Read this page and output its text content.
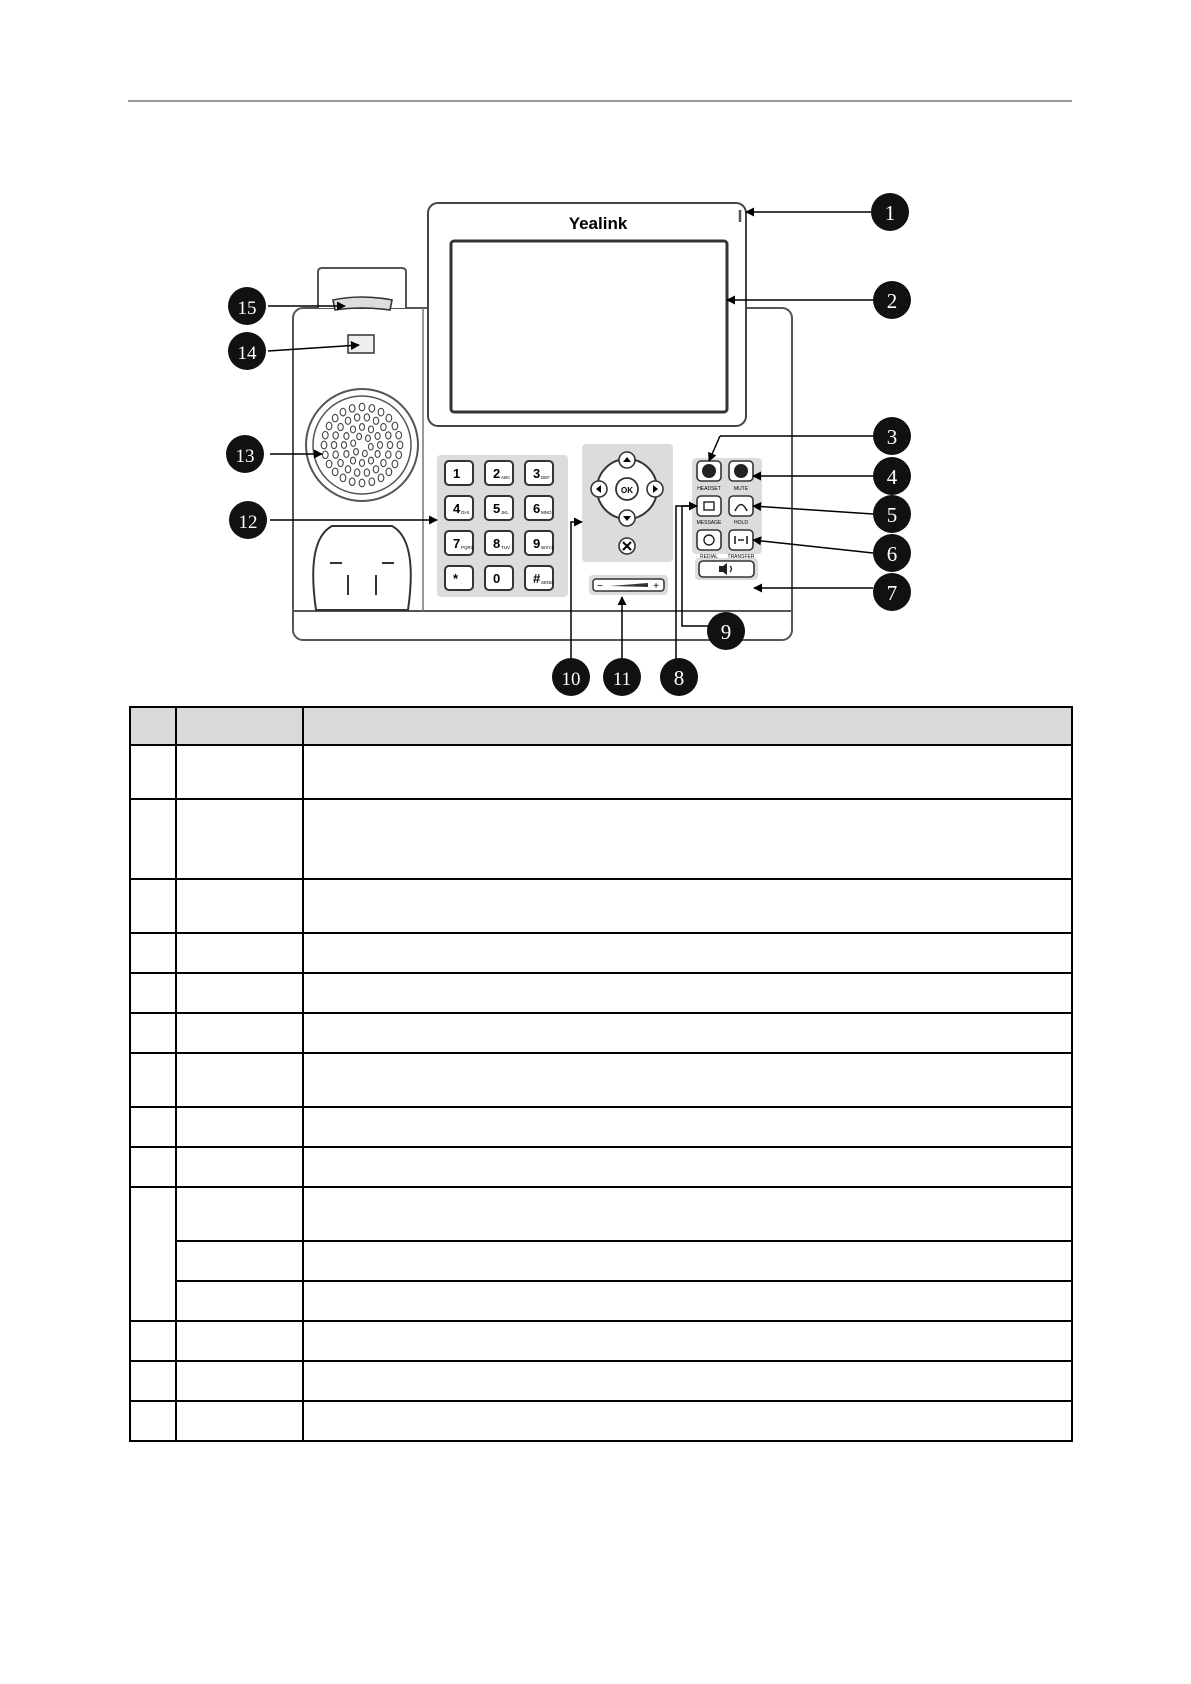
Yealink
1	2 ABC 3 DEF
4 GHI 5 JKL 6 MNO
7 PQRS 8 TUV 9 WXYZ
* . 0	# SEND
OK
−	+
HEADSET	MUTE
MESSAGE	HOLD
REDIAL TRANSFER
1
2
3
4
5
6
7
8
9
10 11
12
13
14
15
